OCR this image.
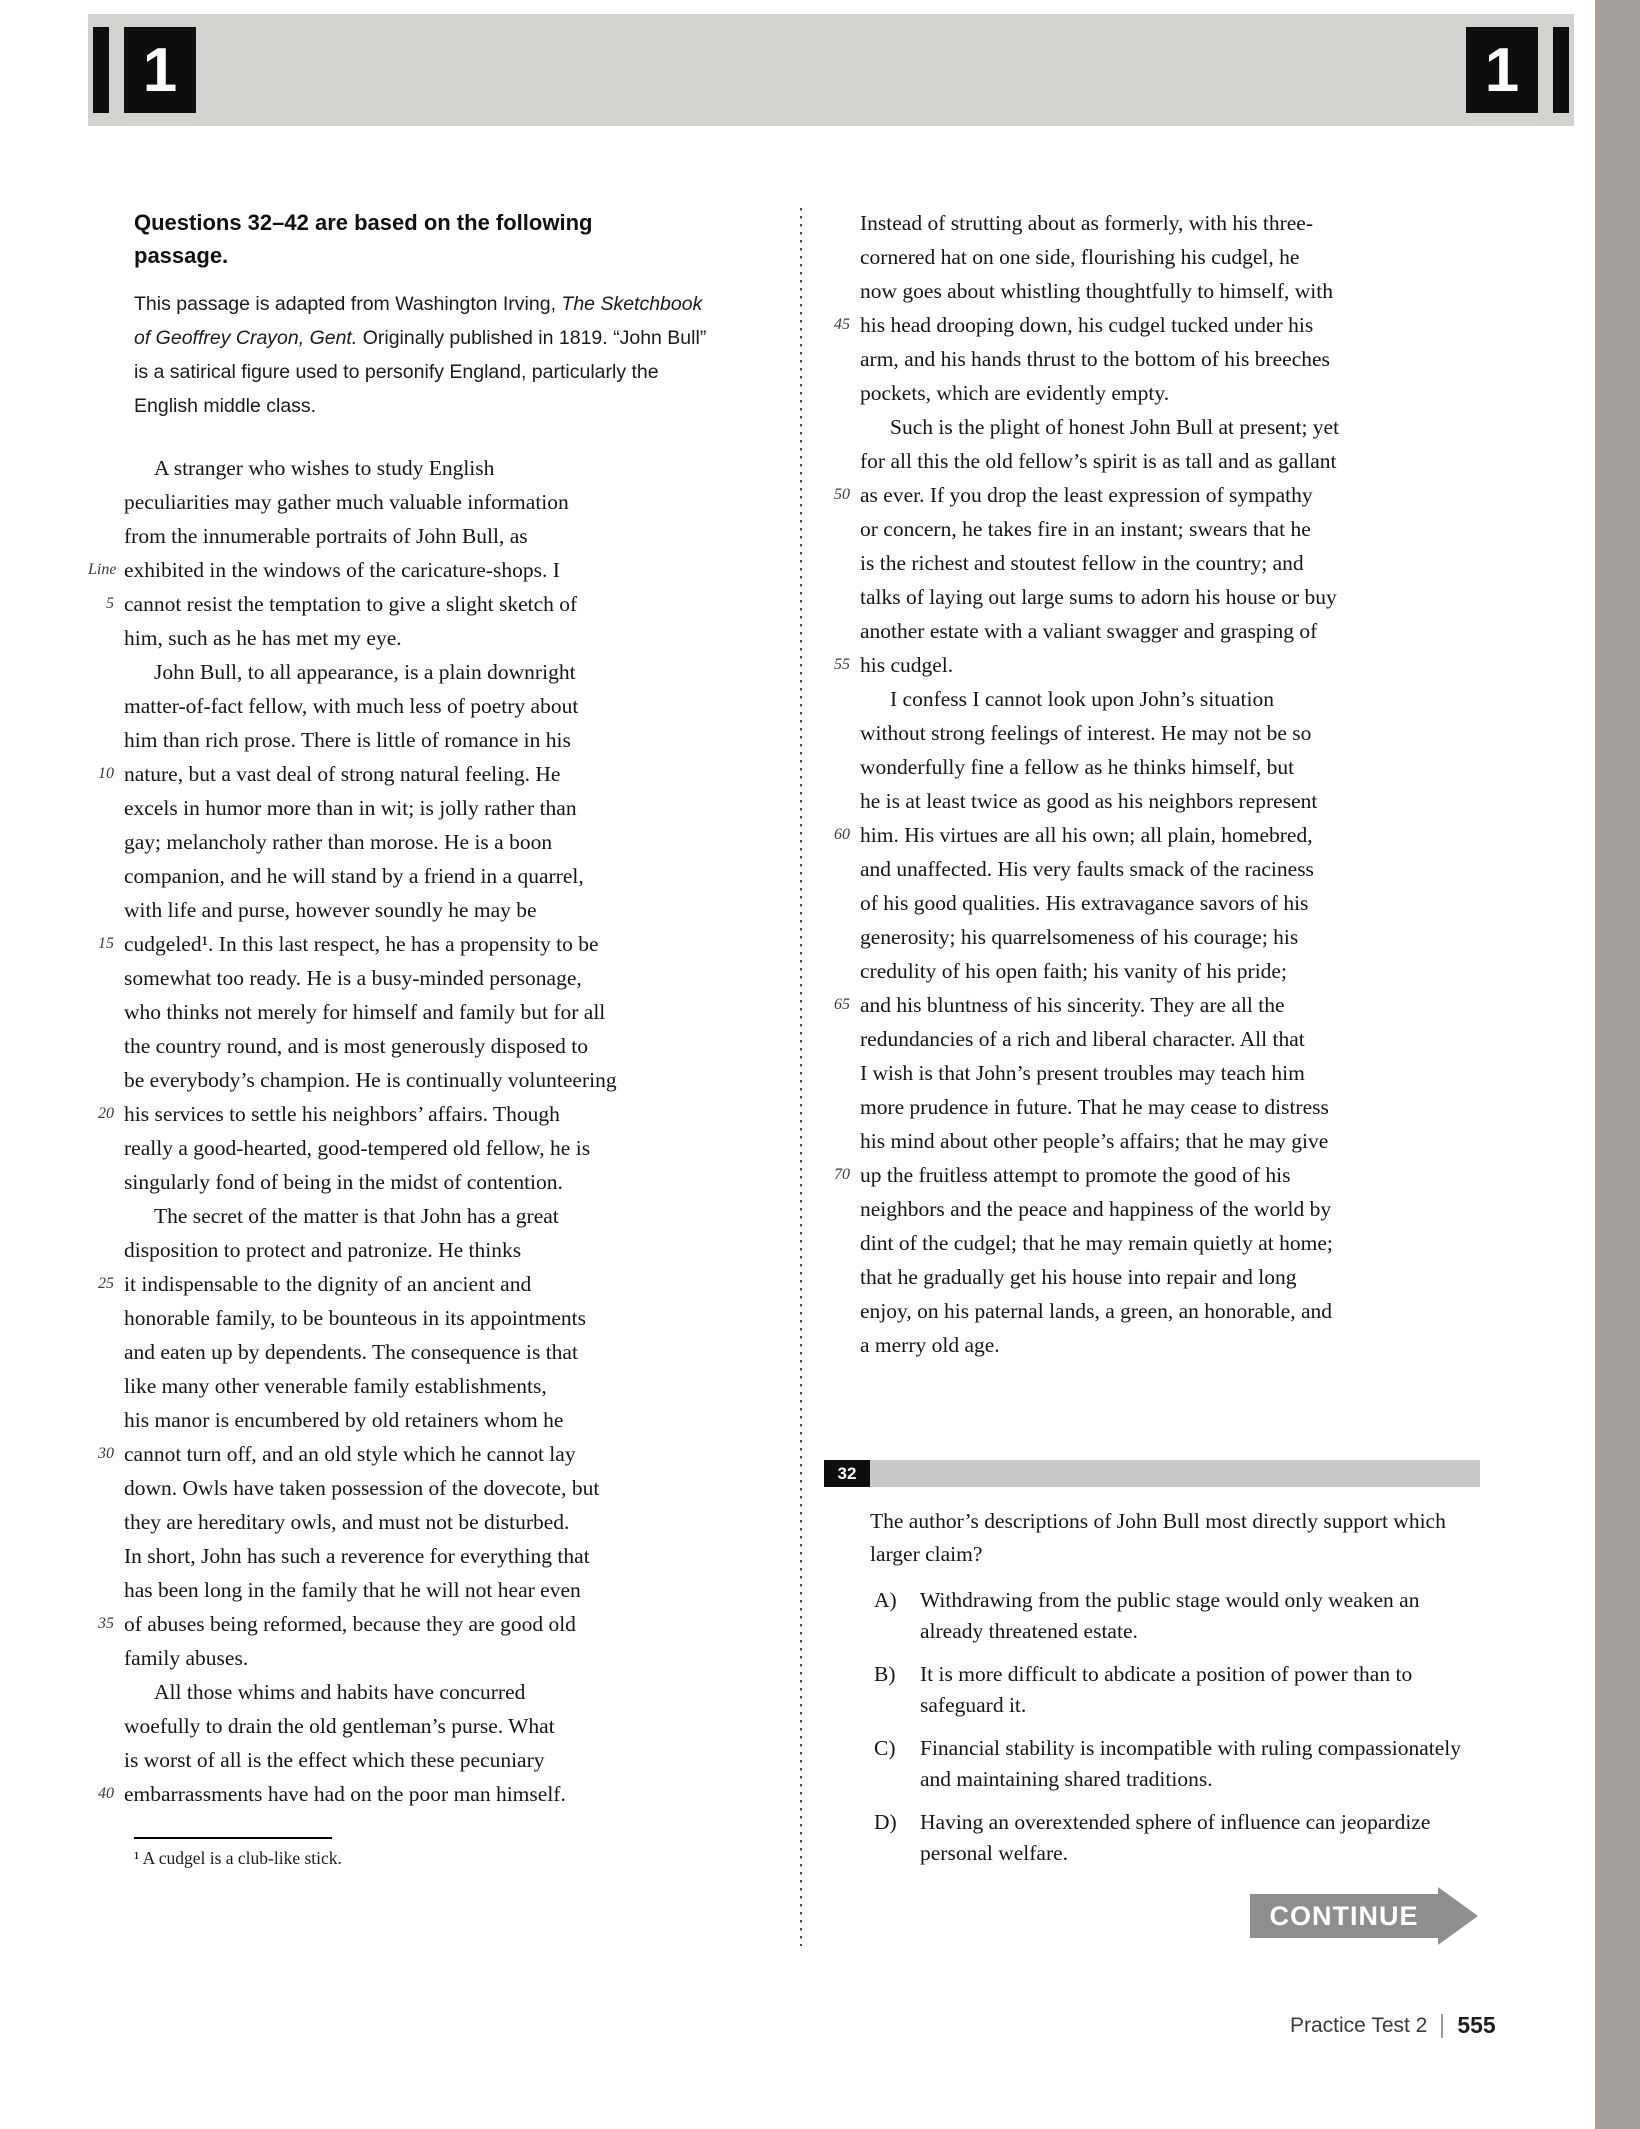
1	1
Questions 32–42 are based on the following passage.
This passage is adapted from Washington Irving, The Sketchbook of Geoffrey Crayon, Gent. Originally published in 1819. “John Bull” is a satirical figure used to personify England, particularly the English middle class.
A stranger who wishes to study English
peculiarities may gather much valuable information
from the innumerable portraits of John Bull, as
Line exhibited in the windows of the caricature-shops. I
5 cannot resist the temptation to give a slight sketch of
him, such as he has met my eye.
John Bull, to all appearance, is a plain downright
matter-of-fact fellow, with much less of poetry about
him than rich prose. There is little of romance in his
10 nature, but a vast deal of strong natural feeling. He
excels in humor more than in wit; is jolly rather than
gay; melancholy rather than morose. He is a boon
companion, and he will stand by a friend in a quarrel,
with life and purse, however soundly he may be
15 cudgeled¹. In this last respect, he has a propensity to be
somewhat too ready. He is a busy-minded personage,
who thinks not merely for himself and family but for all
the country round, and is most generously disposed to
be everybody’s champion. He is continually volunteering
20 his services to settle his neighbors’ affairs. Though
really a good-hearted, good-tempered old fellow, he is
singularly fond of being in the midst of contention.
The secret of the matter is that John has a great
disposition to protect and patronize. He thinks
25 it indispensable to the dignity of an ancient and
honorable family, to be bounteous in its appointments
and eaten up by dependents. The consequence is that
like many other venerable family establishments,
his manor is encumbered by old retainers whom he
30 cannot turn off, and an old style which he cannot lay
down. Owls have taken possession of the dovecote, but
they are hereditary owls, and must not be disturbed.
In short, John has such a reverence for everything that
has been long in the family that he will not hear even
35 of abuses being reformed, because they are good old
family abuses.
All those whims and habits have concurred
woefully to drain the old gentleman’s purse. What
is worst of all is the effect which these pecuniary
40 embarrassments have had on the poor man himself.
¹ A cudgel is a club-like stick.
Instead of strutting about as formerly, with his three-
cornered hat on one side, flourishing his cudgel, he
now goes about whistling thoughtfully to himself, with
45 his head drooping down, his cudgel tucked under his
arm, and his hands thrust to the bottom of his breeches
pockets, which are evidently empty.
Such is the plight of honest John Bull at present; yet
for all this the old fellow’s spirit is as tall and as gallant
50 as ever. If you drop the least expression of sympathy
or concern, he takes fire in an instant; swears that he
is the richest and stoutest fellow in the country; and
talks of laying out large sums to adorn his house or buy
another estate with a valiant swagger and grasping of
55 his cudgel.
I confess I cannot look upon John’s situation
without strong feelings of interest. He may not be so
wonderfully fine a fellow as he thinks himself, but
he is at least twice as good as his neighbors represent
60 him. His virtues are all his own; all plain, homebred,
and unaffected. His very faults smack of the raciness
of his good qualities. His extravagance savors of his
generosity; his quarrelsomeness of his courage; his
credulity of his open faith; his vanity of his pride;
65 and his bluntness of his sincerity. They are all the
redundancies of a rich and liberal character. All that
I wish is that John’s present troubles may teach him
more prudence in future. That he may cease to distress
his mind about other people’s affairs; that he may give
70 up the fruitless attempt to promote the good of his
neighbors and the peace and happiness of the world by
dint of the cudgel; that he may remain quietly at home;
that he gradually get his house into repair and long
enjoy, on his paternal lands, a green, an honorable, and
a merry old age.
32
The author’s descriptions of John Bull most directly support which larger claim?
A)	Withdrawing from the public stage would only weaken an already threatened estate.
B)	It is more difficult to abdicate a position of power than to safeguard it.
C)	Financial stability is incompatible with ruling compassionately and maintaining shared traditions.
D)	Having an overextended sphere of influence can jeopardize personal welfare.
CONTINUE
Practice Test 2 555
